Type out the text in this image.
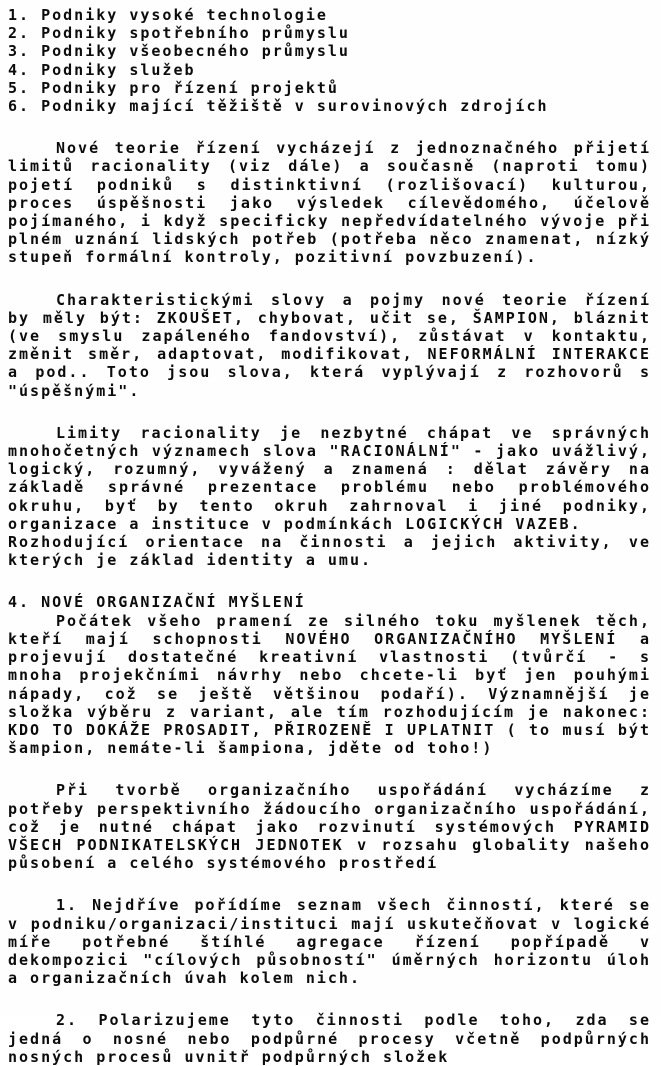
1. Podniky vysoké technologie
2. Podniky spotřebního průmyslu
3. Podniky všeobecného průmyslu
4. Podniky služeb
5. Podniky pro řízení projektů
6. Podniky mající těžiště v surovinových zdrojích

Nové teorie řízení vycházejí z jednoznačného přijetí limitů racionality (viz dále) a současně (naproti tomu) pojetí podniků s distinktivní (rozlišovací) kulturou, proces úspěšnosti jako výsledek cílevědomého, účelově pojímaného, i když specificky nepředvídatelného vývoje při plném uznání lidských potřeb (potřeba něco znamenat, nízký stupeň formální kontroly, pozitivní povzbuzení).

Charakteristickými slovy a pojmy nové teorie řízení by měly být: ZKOUŠET, chybovat, učit se, ŠAMPION, bláznit (ve smyslu zapáleného fandovství), zůstávat v kontaktu, změnit směr, adaptovat, modifikovat, NEFORMÁLNÍ INTERAKCE a pod.. Toto jsou slova, která vyplývají z rozhovorů s "úspěšnými".

Limity racionality je nezbytné chápat ve správných mnohočetných významech slova "RACIONÁLNÍ" - jako uvážlivý, logický, rozumný, vyvážený a znamená : dělat závěry na základě správné prezentace problému nebo problémového okruhu, byť by tento okruh zahrnoval i jiné podniky, organizace a instituce v podmínkách LOGICKÝCH VAZEB.

Rozhodující orientace na činnosti a jejich aktivity, ve kterých je základ identity a umu.

4. NOVÉ ORGANIZAČNÍ MYŠLENÍ

Počátek všeho pramení ze silného toku myšlenek těch, kteří mají schopnosti NOVÉHO ORGANIZAČNÍHO MYŠLENÍ a projevují dostatečné kreativní vlastnosti (tvůrčí - s mnoha projekčními návrhy nebo chcete-li byť jen pouhými nápady, což se ještě většinou podaří). Významnější je složka výběru z variant, ale tím rozhodujícím je nakonec: KDO TO DOKÁŽE PROSADIT, PŘIROZENĚ I UPLATNIT ( to musí být šampion, nemáte-li šampiona, jděte od toho!)

Při tvorbě organizačního uspořádání vycházíme z potřeby perspektivního žádoucího organizačního uspořádání, což je nutné chápat jako rozvinutí systémových PYRAMID VŠECH PODNIKATELSKÝCH JEDNOTEK v rozsahu globality našeho působení a celého systémového prostředí

1. Nejdříve pořídíme seznam všech činností, které se v podniku/organizaci/instituci mají uskutečňovat v logické míře potřebné štíhlé agregace řízení popřípadě v dekompozici "cílových působností" úměrných horizontu úloh a organizačních úvah kolem nich.

2. Polarizujeme tyto činnosti podle toho, zda se jedná o nosné nebo podpůrné procesy včetně podpůrných nosných procesů uvnitř podpůrných složek
